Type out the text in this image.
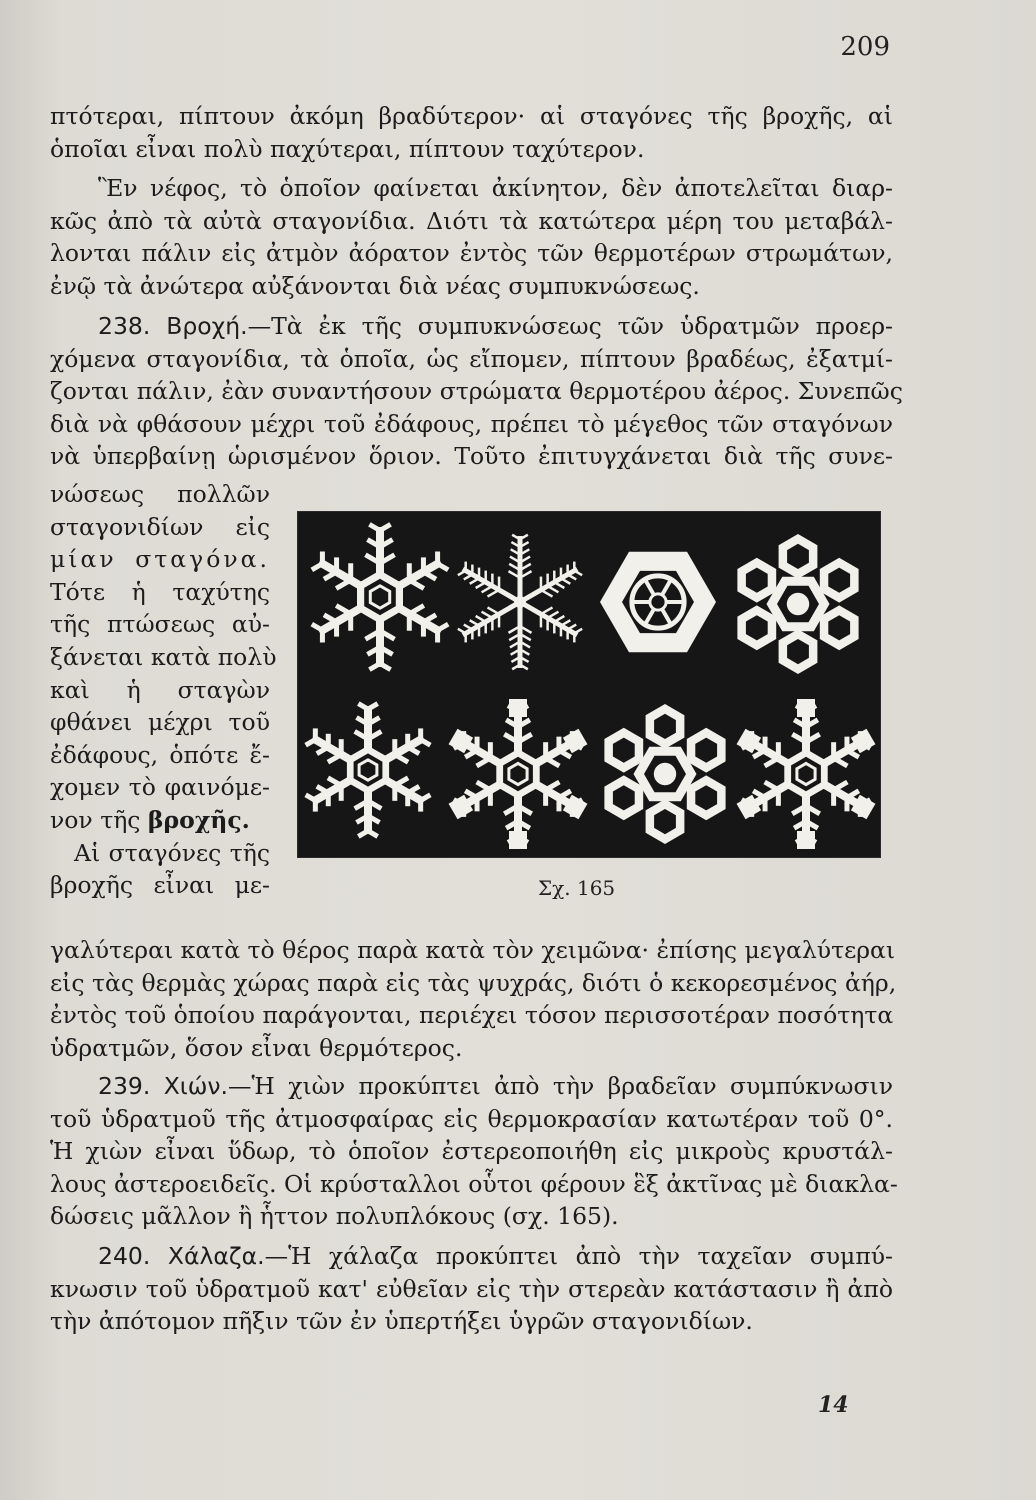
209
πτότεραι, πίπτουν ἀκόμη βραδύτερον· αἱ σταγόνες τῆς βροχῆς, αἱ
ὁποῖαι εἶναι πολὺ παχύτεραι, πίπτουν ταχύτερον.
Ἓν νέφος, τὸ ὁποῖον φαίνεται ἀκίνητον, δὲν ἀποτελεῖται διαρ-
κῶς ἀπὸ τὰ αὐτὰ σταγονίδια. Διότι τὰ κατώτερα μέρη του μεταβάλ-
λονται πάλιν εἰς ἀτμὸν ἀόρατον ἐντὸς τῶν θερμοτέρων στρωμάτων,
ἐνῷ τὰ ἀνώτερα αὐξάνονται διὰ νέας συμπυκνώσεως.
238. Βροχή.—Τὰ ἐκ τῆς συμπυκνώσεως τῶν ὑδρατμῶν προερ-
χόμενα σταγονίδια, τὰ ὁποῖα, ὡς εἴπομεν, πίπτουν βραδέως, ἐξατμί-
ζονται πάλιν, ἐὰν συναντήσουν στρώματα θερμοτέρου ἀέρος. Συνεπῶς
διὰ νὰ φθάσουν μέχρι τοῦ ἐδάφους, πρέπει τὸ μέγεθος τῶν σταγόνων
νὰ ὑπερβαίνῃ ὡρισμένον ὅριον. Τοῦτο ἐπιτυγχάνεται διὰ τῆς συνε-
νώσεως πολλῶν
σταγονιδίων εἰς
μίαν σταγόνα.
Τότε ἡ ταχύτης
τῆς πτώσεως αὐ-
ξάνεται κατὰ πολὺ
καὶ ἡ σταγὼν
φθάνει μέχρι τοῦ
ἐδάφους, ὁπότε ἔ-
χομεν τὸ φαινόμε-
νον τῆς βροχῆς.
Αἱ σταγόνες τῆς
βροχῆς εἶναι με-	Σχ. 165
γαλύτεραι κατὰ τὸ θέρος παρὰ κατὰ τὸν χειμῶνα· ἐπίσης μεγαλύτεραι
εἰς τὰς θερμὰς χώρας παρὰ εἰς τὰς ψυχράς, διότι ὁ κεκορεσμένος ἀήρ,
ἐντὸς τοῦ ὁποίου παράγονται, περιέχει τόσον περισσοτέραν ποσότητα
ὑδρατμῶν, ὅσον εἶναι θερμότερος.
239. Χιών.—Ἡ χιὼν προκύπτει ἀπὸ τὴν βραδεῖαν συμπύκνωσιν
τοῦ ὑδρατμοῦ τῆς ἀτμοσφαίρας εἰς θερμοκρασίαν κατωτέραν τοῦ 0°.
Ἡ χιὼν εἶναι ὕδωρ, τὸ ὁποῖον ἐστερεοποιήθη εἰς μικροὺς κρυστάλ-
λους ἀστεροειδεῖς. Οἱ κρύσταλλοι οὗτοι φέρουν ἓξ ἀκτῖνας μὲ διακλα-
δώσεις μᾶλλον ἢ ἧττον πολυπλόκους (σχ. 165).
240. Χάλαζα.—Ἡ χάλαζα προκύπτει ἀπὸ τὴν ταχεῖαν συμπύ-
κνωσιν τοῦ ὑδρατμοῦ κατ' εὐθεῖαν εἰς τὴν στερεὰν κατάστασιν ἢ ἀπὸ
τὴν ἀπότομον πῆξιν τῶν ἐν ὑπερτήξει ὑγρῶν σταγονιδίων.
14
